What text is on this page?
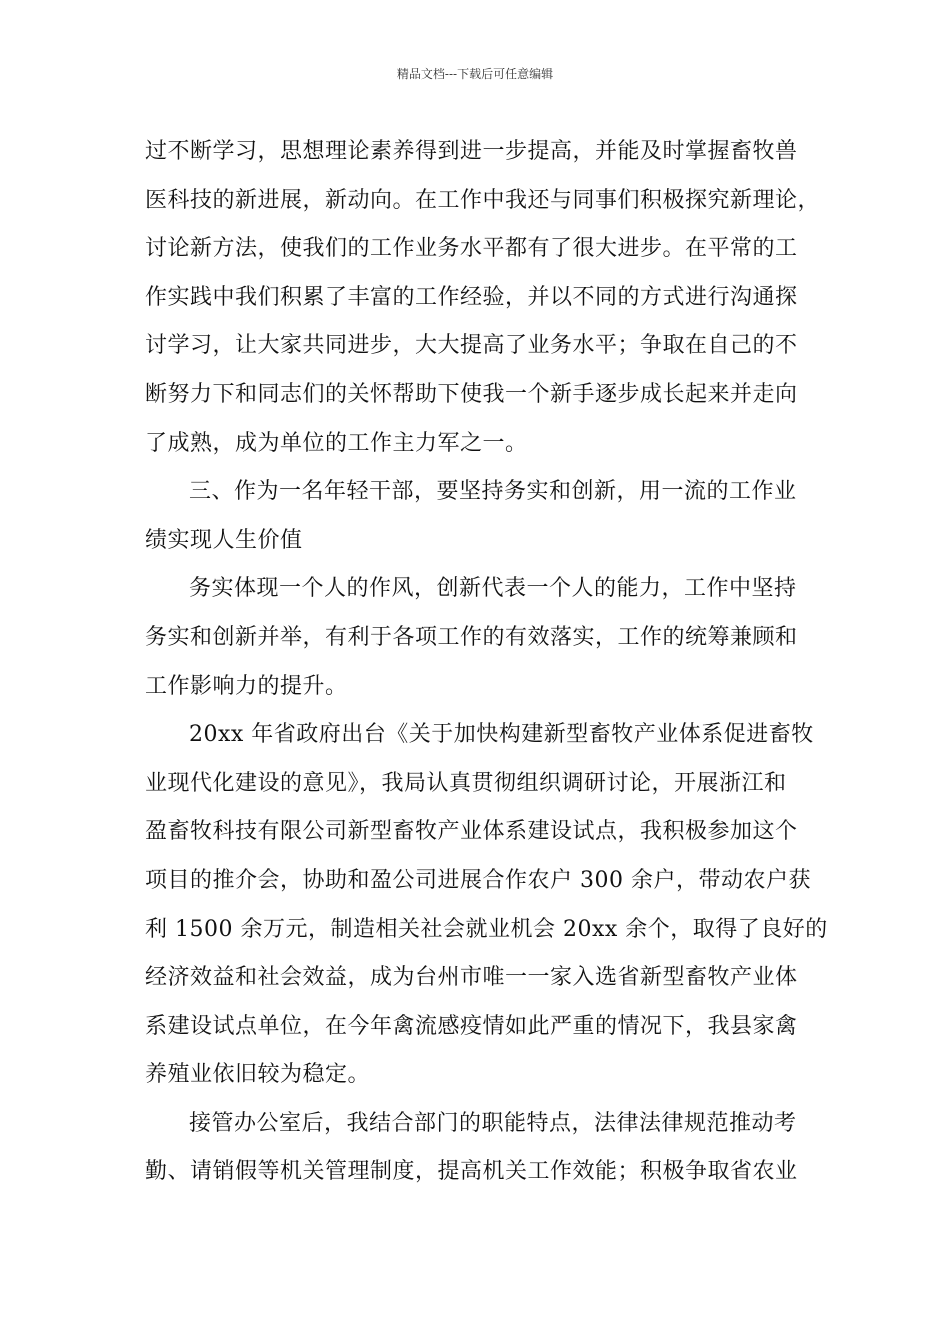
精品文档---下载后可任意编辑
过不断学习，思想理论素养得到进一步提高，并能及时掌握畜牧兽
医科技的新进展，新动向。在工作中我还与同事们积极探究新理论，
讨论新方法，使我们的工作业务水平都有了很大进步。在平常的工
作实践中我们积累了丰富的工作经验，并以不同的方式进行沟通探
讨学习，让大家共同进步，大大提高了业务水平；争取在自己的不
断努力下和同志们的关怀帮助下使我一个新手逐步成长起来并走向
了成熟，成为单位的工作主力军之一。
三、作为一名年轻干部，要坚持务实和创新，用一流的工作业
绩实现人生价值
务实体现一个人的作风，创新代表一个人的能力，工作中坚持
务实和创新并举，有利于各项工作的有效落实，工作的统筹兼顾和
工作影响力的提升。
20xx 年省政府出台《关于加快构建新型畜牧产业体系促进畜牧
业现代化建设的意见》，我局认真贯彻组织调研讨论，开展浙江和
盈畜牧科技有限公司新型畜牧产业体系建设试点，我积极参加这个
项目的推介会，协助和盈公司进展合作农户 300 余户，带动农户获
利 1500 余万元，制造相关社会就业机会 20xx 余个，取得了良好的
经济效益和社会效益，成为台州市唯一一家入选省新型畜牧产业体
系建设试点单位，在今年禽流感疫情如此严重的情况下，我县家禽
养殖业依旧较为稳定。
接管办公室后，我结合部门的职能特点，法律法律规范推动考
勤、请销假等机关管理制度，提高机关工作效能；积极争取省农业
